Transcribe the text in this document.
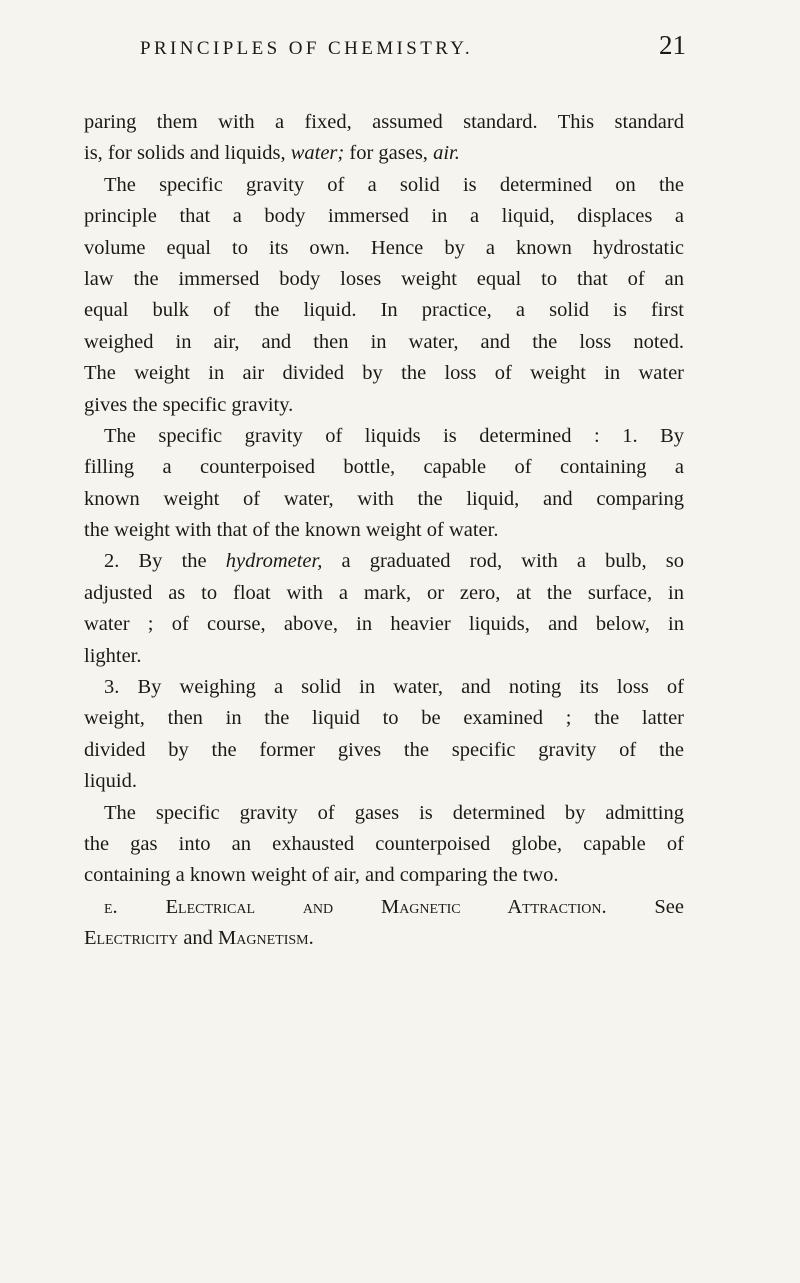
PRINCIPLES OF CHEMISTRY.	21
paring them with a fixed, assumed standard. This standard
is, for solids and liquids, water; for gases, air.
The specific gravity of a solid is determined on the
principle that a body immersed in a liquid, displaces a
volume equal to its own. Hence by a known hydrostatic
law the immersed body loses weight equal to that of an
equal bulk of the liquid. In practice, a solid is first
weighed in air, and then in water, and the loss noted.
The weight in air divided by the loss of weight in water
gives the specific gravity.
The specific gravity of liquids is determined : 1. By
filling a counterpoised bottle, capable of containing a
known weight of water, with the liquid, and comparing
the weight with that of the known weight of water.
2. By the hydrometer, a graduated rod, with a bulb, so
adjusted as to float with a mark, or zero, at the surface, in
water ; of course, above, in heavier liquids, and below, in
lighter.
3. By weighing a solid in water, and noting its loss of
weight, then in the liquid to be examined ; the latter
divided by the former gives the specific gravity of the
liquid.
The specific gravity of gases is determined by admitting
the gas into an exhausted counterpoised globe, capable of
containing a known weight of air, and comparing the two.
e. Electrical and Magnetic Attraction. See
Electricity and Magnetism.
